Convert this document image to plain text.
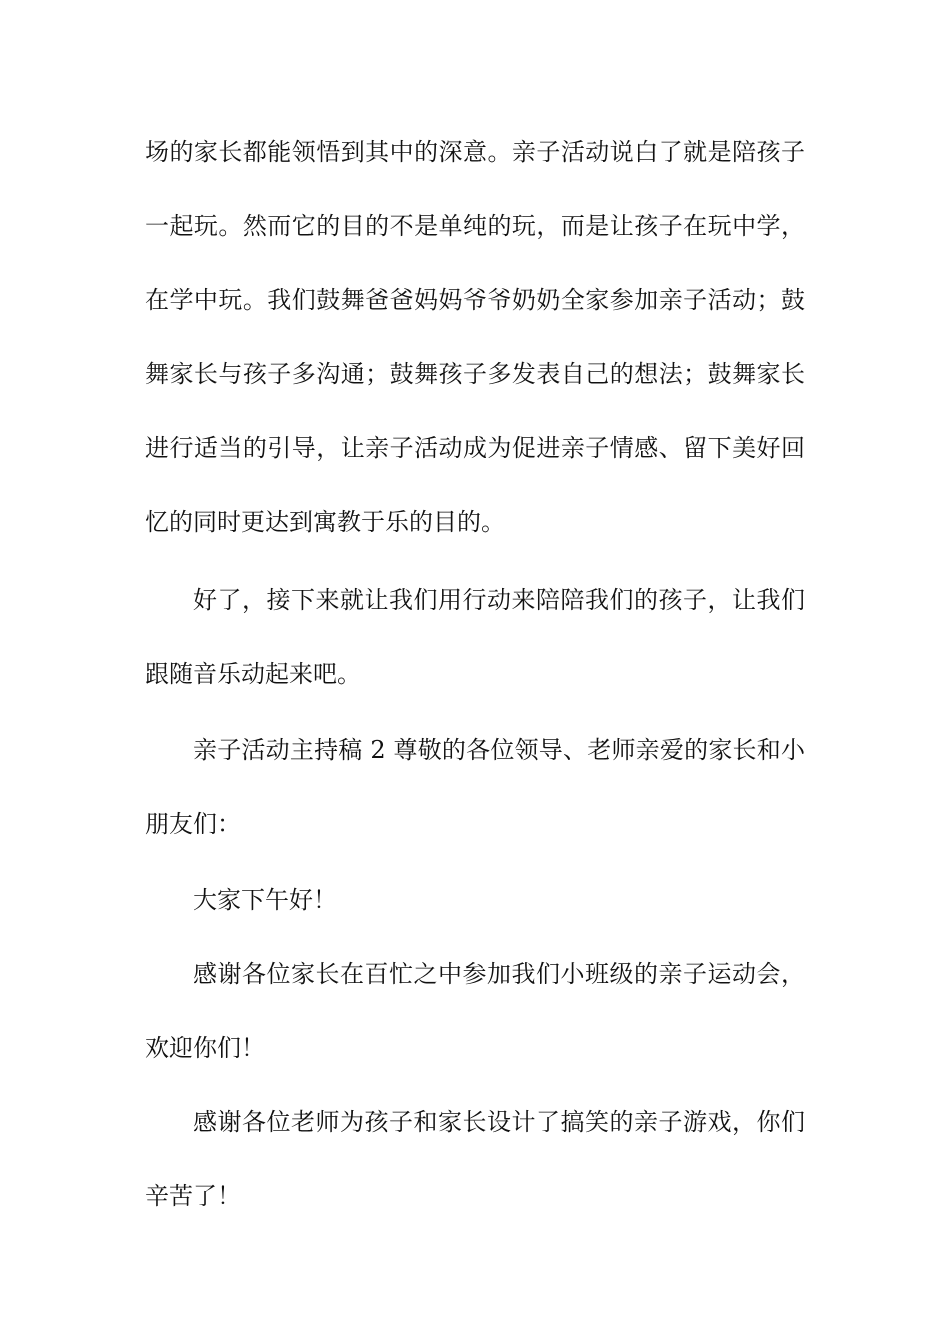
场的家长都能领悟到其中的深意。亲子活动说白了就是陪孩子
一起玩。然而它的目的不是单纯的玩，而是让孩子在玩中学，
在学中玩。我们鼓舞爸爸妈妈爷爷奶奶全家参加亲子活动；鼓
舞家长与孩子多沟通；鼓舞孩子多发表自己的想法；鼓舞家长
进行适当的引导，让亲子活动成为促进亲子情感、留下美好回
忆的同时更达到寓教于乐的目的。
好了，接下来就让我们用行动来陪陪我们的孩子，让我们
跟随音乐动起来吧。
亲子活动主持稿 2 尊敬的各位领导、老师亲爱的家长和小
朋友们：
大家下午好！
感谢各位家长在百忙之中参加我们小班级的亲子运动会，
欢迎你们！
感谢各位老师为孩子和家长设计了搞笑的亲子游戏，你们
辛苦了！
